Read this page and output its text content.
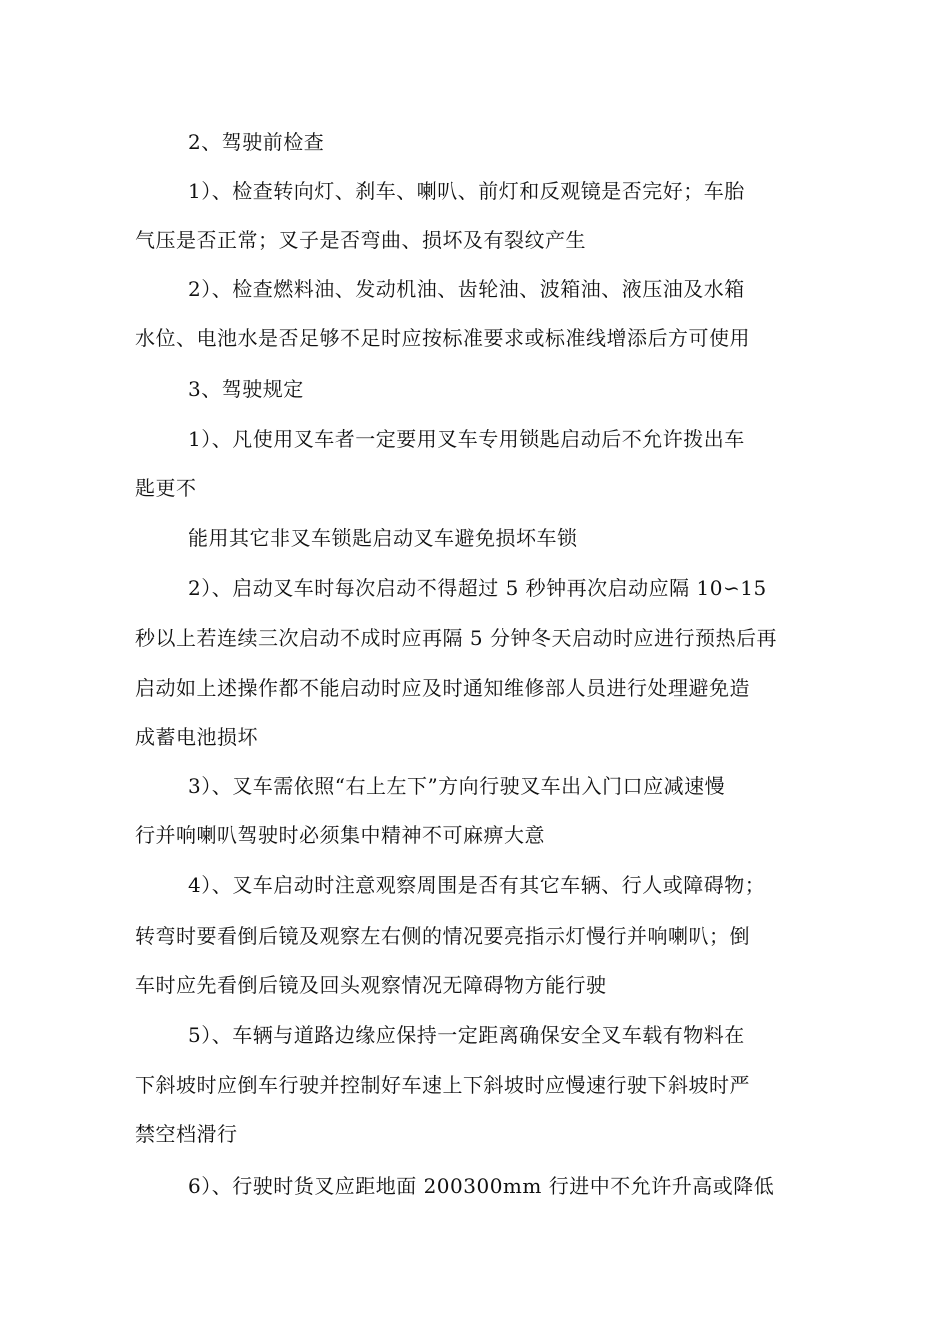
2、驾驶前检查
1）、检查转向灯、刹车、喇叭、前灯和反观镜是否完好；车胎
气压是否正常；叉子是否弯曲、损坏及有裂纹产生
2）、检查燃料油、发动机油、齿轮油、波箱油、液压油及水箱
水位、电池水是否足够不足时应按标准要求或标准线增添后方可使用
3、驾驶规定
1）、凡使用叉车者一定要用叉车专用锁匙启动后不允许拨出车
匙更不
能用其它非叉车锁匙启动叉车避免损坏车锁
2）、启动叉车时每次启动不得超过 5 秒钟再次启动应隔 10∽15
秒以上若连续三次启动不成时应再隔 5 分钟冬天启动时应进行预热后再
启动如上述操作都不能启动时应及时通知维修部人员进行处理避免造
成蓄电池损坏
3）、叉车需依照“右上左下”方向行驶叉车出入门口应减速慢
行并响喇叭驾驶时必须集中精神不可麻痹大意
4）、叉车启动时注意观察周围是否有其它车辆、行人或障碍物；
转弯时要看倒后镜及观察左右侧的情况要亮指示灯慢行并响喇叭；倒
车时应先看倒后镜及回头观察情况无障碍物方能行驶
5）、车辆与道路边缘应保持一定距离确保安全叉车载有物料在
下斜坡时应倒车行驶并控制好车速上下斜坡时应慢速行驶下斜坡时严
禁空档滑行
6）、行驶时货叉应距地面 200300mm 行进中不允许升高或降低
